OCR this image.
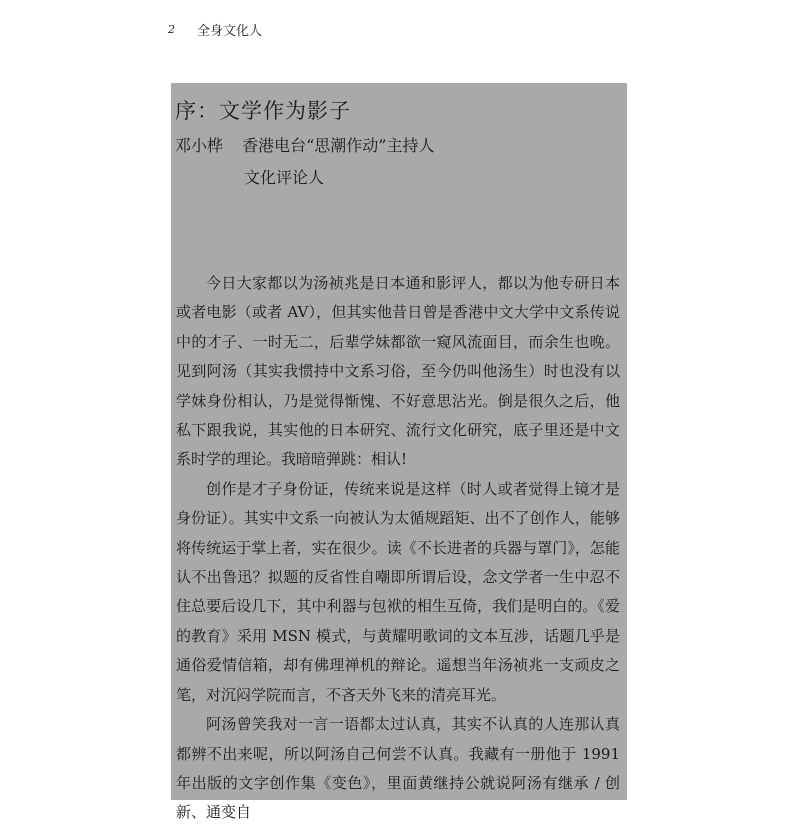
2 全身文化人
序：文学作为影子
邓小桦 香港电台“思潮作动”主持人
文化评论人

今日大家都以为汤祯兆是日本通和影评人，都以为他专研日本或者电影（或者 AV），但其实他昔日曾是香港中文大学中文系传说中的才子、一时无二，后辈学妹都欲一窥风流面目，而余生也晚。见到阿汤（其实我惯持中文系习俗，至今仍叫他汤生）时也没有以学妹身份相认，乃是觉得惭愧、不好意思沾光。倒是很久之后，他私下跟我说，其实他的日本研究、流行文化研究，底子里还是中文系时学的理论。我暗暗弹跳：相认!

创作是才子身份证，传统来说是这样（时人或者觉得上镜才是身份证）。其实中文系一向被认为太循规蹈矩、出不了创作人，能够将传统运于掌上者，实在很少。读《不长进者的兵器与罩门》，怎能认不出鲁迅？拟题的反省性自嘲即所谓后设，念文学者一生中忍不住总要后设几下，其中利器与包袱的相生互倚，我们是明白的。《爱的教育》采用 MSN 模式，与黄耀明歌词的文本互涉，话题几乎是通俗爱情信箱，却有佛理禅机的辩论。遥想当年汤祯兆一支顽皮之笔，对沉闷学院而言，不吝天外飞来的清亮耳光。

阿汤曾笑我对一言一语都太过认真，其实不认真的人连那认真都辨不出来呢，所以阿汤自己何尝不认真。我藏有一册他于 1991 年出版的文字创作集《变色》，里面黄继持公就说阿汤有继承 / 创新、通变自
